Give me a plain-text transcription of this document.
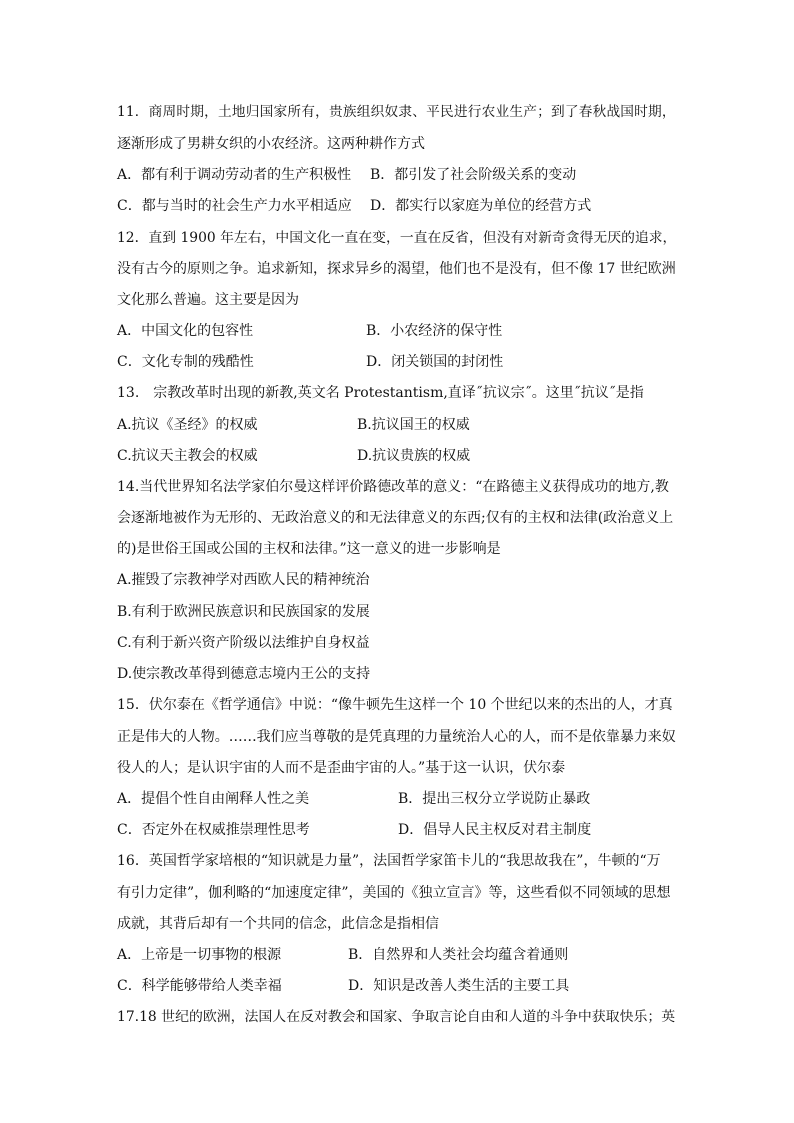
11．商周时期，土地归国家所有，贵族组织奴隶、平民进行农业生产；到了春秋战国时期，
逐渐形成了男耕女织的小农经济。这两种耕作方式
A．都有利于调动劳动者的生产积极性 B．都引发了社会阶级关系的变动
C．都与当时的社会生产力水平相适应 D．都实行以家庭为单位的经营方式
12．直到 1900 年左右，中国文化一直在变，一直在反省，但没有对新奇贪得无厌的追求，
没有古今的原则之争。追求新知，探求异乡的渴望，他们也不是没有，但不像 17 世纪欧洲
文化那么普遍。这主要是因为
A．中国文化的包容性	B．小农经济的保守性
C．文化专制的残酷性	D．闭关锁国的封闭性
13.　宗教改革时出现的新教,英文名 Protestantism,直译˝抗议宗˝。这里˝抗议˝是指
A.抗议《圣经》的权威	B.抗议国王的权威
C.抗议天主教会的权威	D.抗议贵族的权威
14.当代世界知名法学家伯尔曼这样评价路德改革的意义：“在路德主义获得成功的地方,教
会逐渐地被作为无形的、无政治意义的和无法律意义的东西;仅有的主权和法律(政治意义上
的)是世俗王国或公国的主权和法律。”这一意义的进一步影响是
A.摧毁了宗教神学对西欧人民的精神统治
B.有利于欧洲民族意识和民族国家的发展
C.有利于新兴资产阶级以法维护自身权益
D.使宗教改革得到德意志境内王公的支持
15．伏尔泰在《哲学通信》中说：“像牛顿先生这样一个 10 个世纪以来的杰出的人，才真
正是伟大的人物。……我们应当尊敬的是凭真理的力量统治人心的人，而不是依靠暴力来奴
役人的人；是认识宇宙的人而不是歪曲宇宙的人。”基于这一认识，伏尔泰
A．提倡个性自由阐释人性之美	B．提出三权分立学说防止暴政
C．否定外在权威推崇理性思考	D．倡导人民主权反对君主制度
16．英国哲学家培根的“知识就是力量”，法国哲学家笛卡儿的“我思故我在”，牛顿的“万
有引力定律”，伽利略的“加速度定律”，美国的《独立宣言》等，这些看似不同领域的思想
成就，其背后却有一个共同的信念，此信念是指相信
A．上帝是一切事物的根源	B．自然界和人类社会均蕴含着通则
C．科学能够带给人类幸福	D．知识是改善人类生活的主要工具
17.18 世纪的欧洲，法国人在反对教会和国家、争取言论自由和人道的斗争中获取快乐；英
